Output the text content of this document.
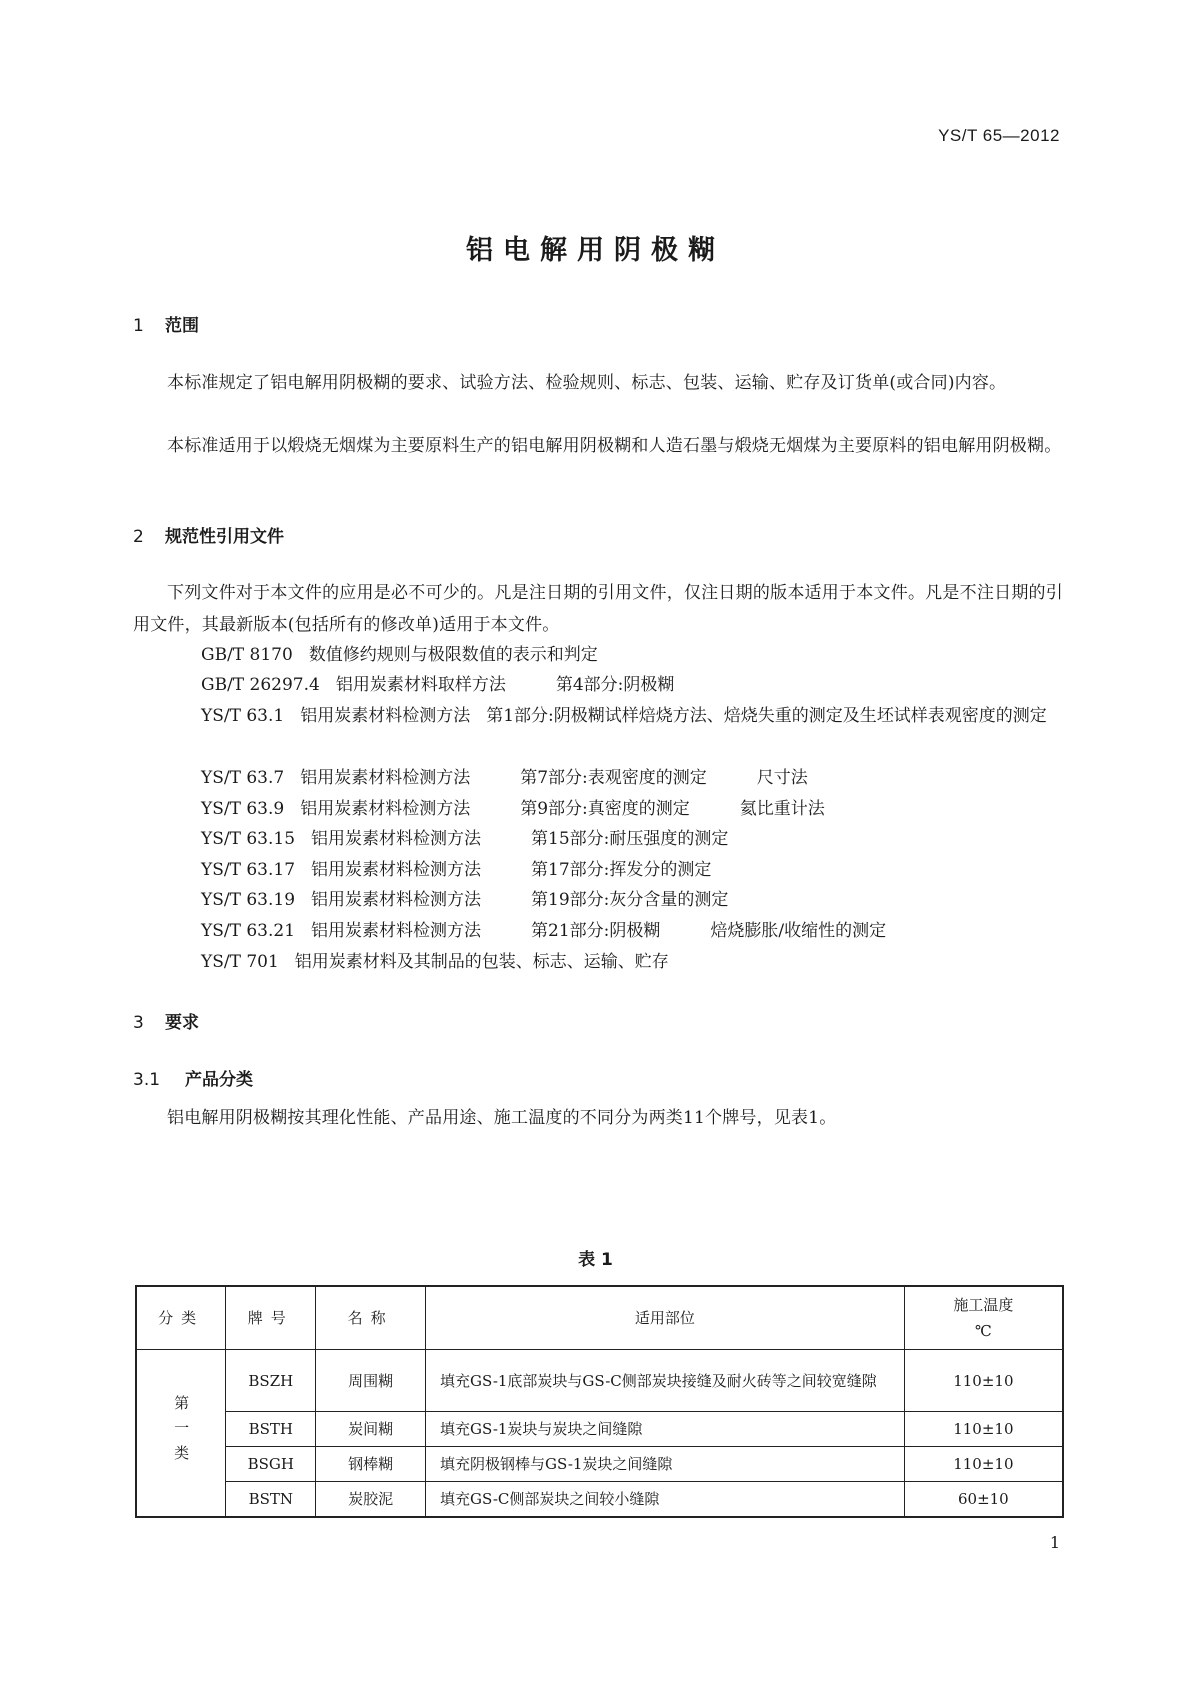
YS/T 65—2012
铝电解用阴极糊
1 范围
本标准规定了铝电解用阴极糊的要求、试验方法、检验规则、标志、包装、运输、贮存及订货单(或合同)内容。
本标准适用于以煅烧无烟煤为主要原料生产的铝电解用阴极糊和人造石墨与煅烧无烟煤为主要原料的铝电解用阴极糊。
2 规范性引用文件
下列文件对于本文件的应用是必不可少的。凡是注日期的引用文件，仅注日期的版本适用于本文件。凡是不注日期的引用文件，其最新版本(包括所有的修改单)适用于本文件。
GB/T 8170 数值修约规则与极限数值的表示和判定
GB/T 26297.4 铝用炭素材料取样方法	第4部分:阴极糊
YS/T 63.1 铝用炭素材料检测方法 第1部分:阴极糊试样焙烧方法、焙烧失重的测定及生坯试样表观密度的测定
YS/T 63.7 铝用炭素材料检测方法	第7部分:表观密度的测定	尺寸法
YS/T 63.9 铝用炭素材料检测方法	第9部分:真密度的测定	氦比重计法
YS/T 63.15 铝用炭素材料检测方法	第15部分:耐压强度的测定
YS/T 63.17 铝用炭素材料检测方法	第17部分:挥发分的测定
YS/T 63.19 铝用炭素材料检测方法	第19部分:灰分含量的测定
YS/T 63.21 铝用炭素材料检测方法	第21部分:阴极糊	焙烧膨胀/收缩性的测定
YS/T 701 铝用炭素材料及其制品的包装、标志、运输、贮存
3 要求
3.1 产品分类
铝电解用阴极糊按其理化性能、产品用途、施工温度的不同分为两类11个牌号，见表1。
表 1
分类	牌号	名称	适用部位	施工温度
℃

第一类	BSZH	周围糊	填充GS-1底部炭块与GS-C侧部炭块接缝及耐火砖等之间较宽缝隙	110±10
	BSTH	炭间糊	填充GS-1炭块与炭块之间缝隙	110±10
	BSGH	钢棒糊	填充阴极钢棒与GS-1炭块之间缝隙	110±10
	BSTN	炭胶泥	填充GS-C侧部炭块之间较小缝隙	60±10
1
